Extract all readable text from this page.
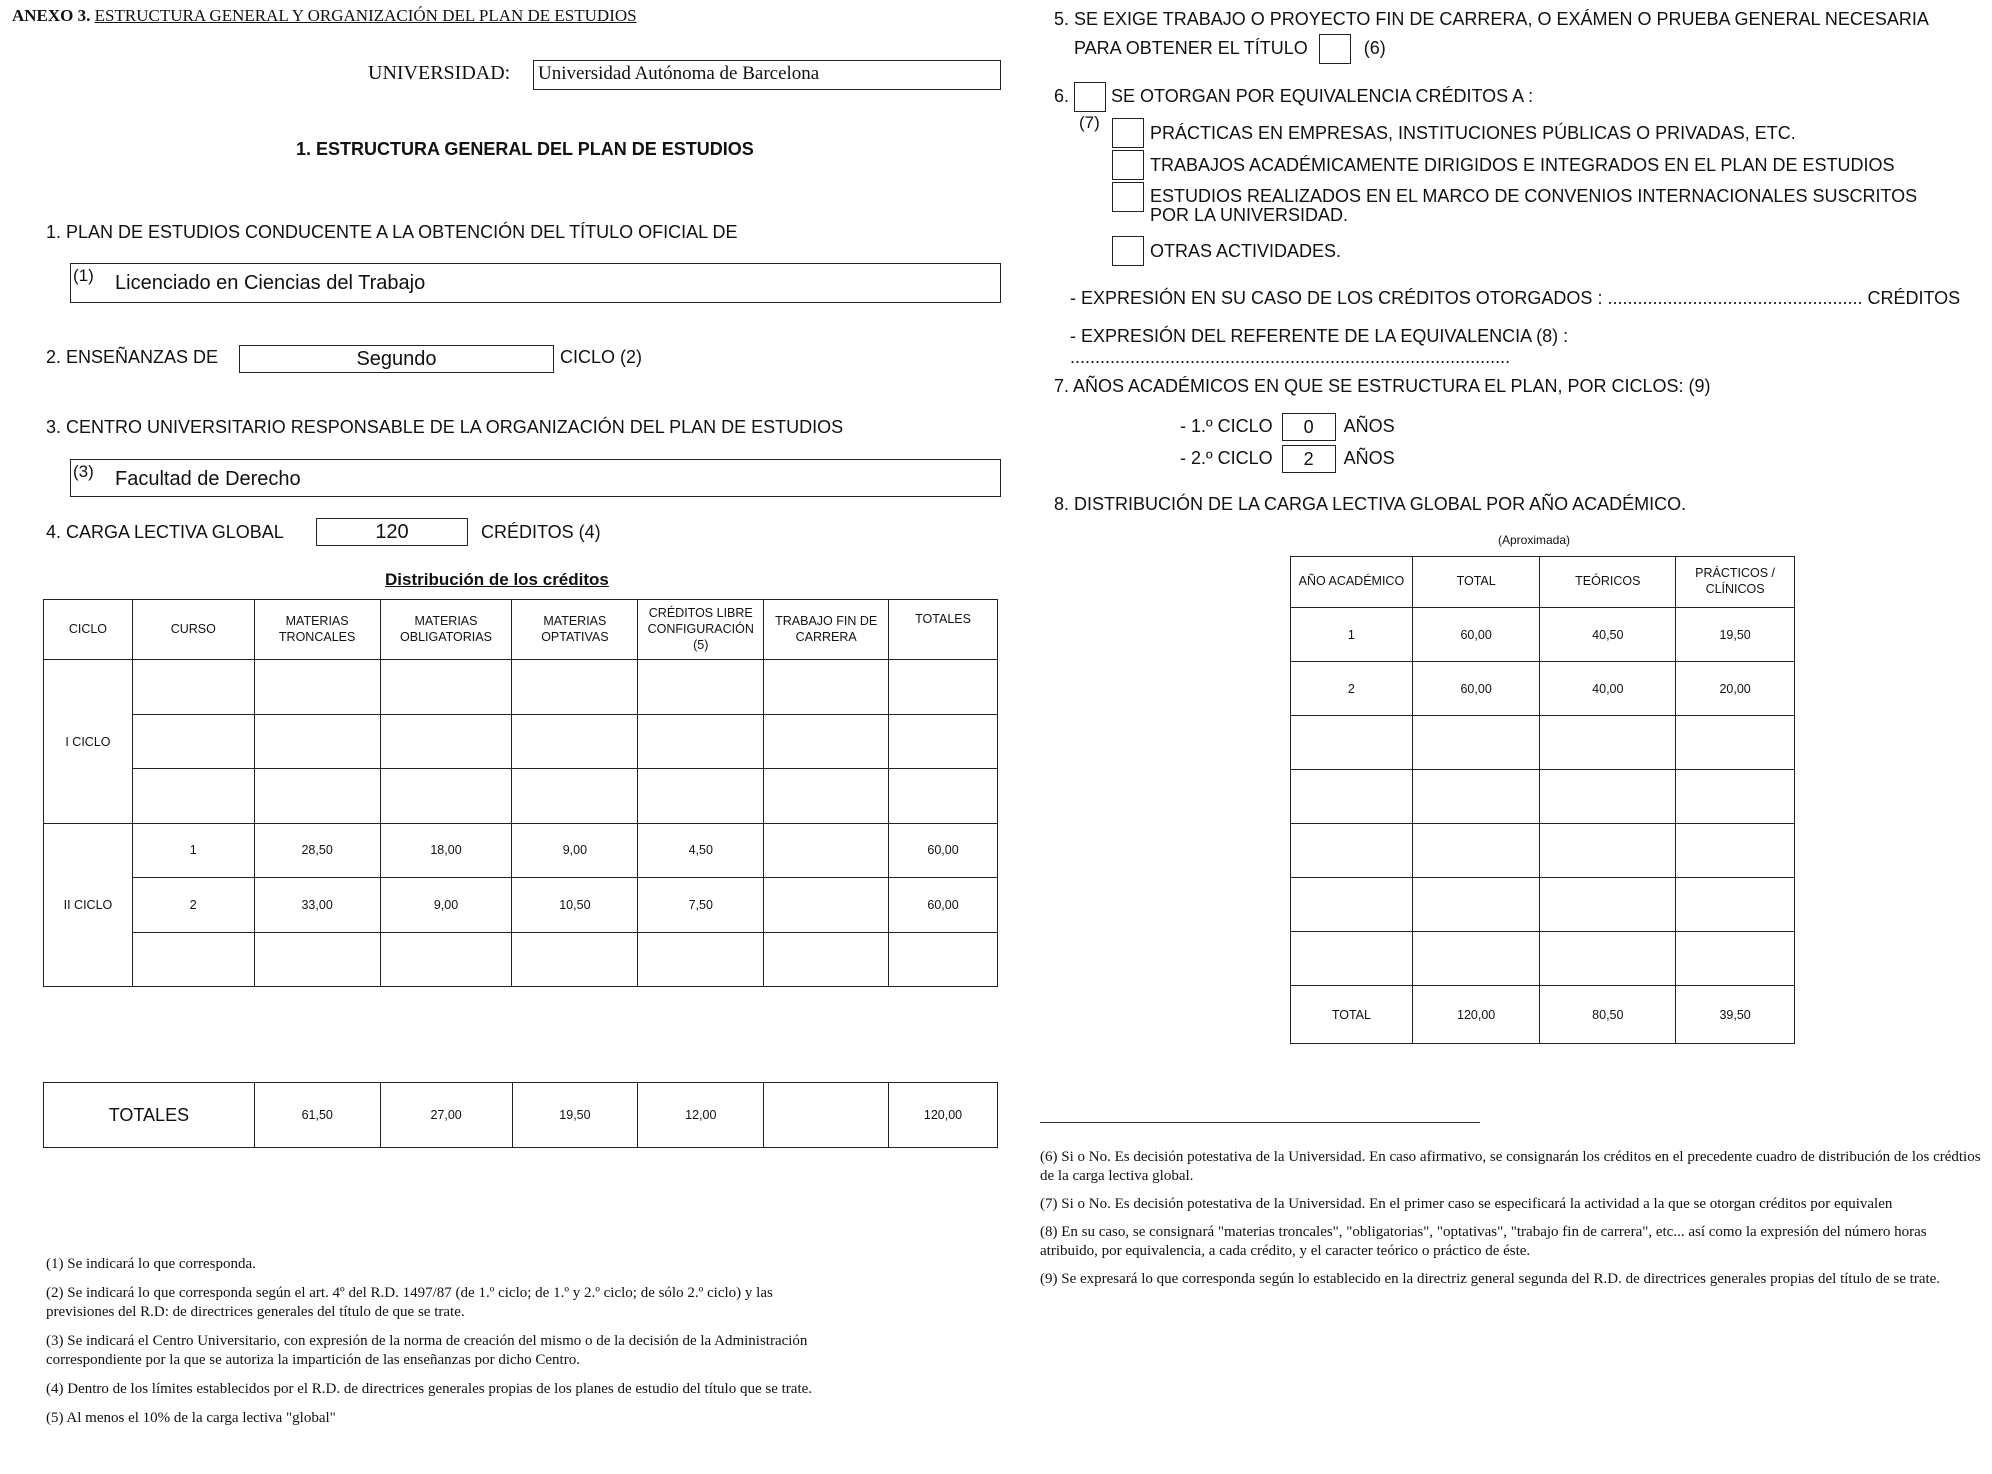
ANEXO 3. ESTRUCTURA GENERAL Y ORGANIZACIÓN DEL PLAN DE ESTUDIOS
UNIVERSIDAD: Universidad Autónoma de Barcelona
1. ESTRUCTURA GENERAL DEL PLAN DE ESTUDIOS
1. PLAN DE ESTUDIOS CONDUCENTE A LA OBTENCIÓN DEL TÍTULO OFICIAL DE
(1) Licenciado en Ciencias del Trabajo
2. ENSEÑANZAS DE	Segundo	CICLO (2)
3. CENTRO UNIVERSITARIO RESPONSABLE DE LA ORGANIZACIÓN DEL PLAN DE ESTUDIOS
(3) Facultad de Derecho
4. CARGA LECTIVA GLOBAL	120	CRÉDITOS (4)
Distribución de los créditos
CICLO	CURSO	MATERIAS TRONCALES	MATERIAS OBLIGATORIAS	MATERIAS OPTATIVAS	CRÉDITOS LIBRE CONFIGURACIÓN (5)	TRABAJO FIN DE CARRERA	TOTALES
I CICLO							

II CICLO	1	28,50	18,00	9,00	4,50		60,00
	2	33,00	9,00	10,50	7,50		60,00

TOTALES	61,50	27,00	19,50	12,00		120,00
(1) Se indicará lo que corresponda.
(2) Se indicará lo que corresponda según el art. 4º del R.D. 1497/87 (de 1.º ciclo; de 1.º y 2.º ciclo; de sólo 2.º ciclo) y las previsiones del R.D: de directrices generales del título de que se trate.
(3) Se indicará el Centro Universitario, con expresión de la norma de creación del mismo o de la decisión de la Administración correspondiente por la que se autoriza la impartición de las enseñanzas por dicho Centro.
(4) Dentro de los límites establecidos por el R.D. de directrices generales propias de los planes de estudio del título que se trate.
(5) Al menos el 10% de la carga lectiva "global"
5. SE EXIGE TRABAJO O PROYECTO FIN DE CARRERA, O EXÁMEN O PRUEBA GENERAL NECESARIA
PARA OBTENER EL TÍTULO	(6)
6. SE OTORGAN POR EQUIVALENCIA CRÉDITOS A :
(7)
PRÁCTICAS EN EMPRESAS, INSTITUCIONES PÚBLICAS O PRIVADAS, ETC.
TRABAJOS ACADÉMICAMENTE DIRIGIDOS E INTEGRADOS EN EL PLAN DE ESTUDIOS
ESTUDIOS REALIZADOS EN EL MARCO DE CONVENIOS INTERNACIONALES SUSCRITOS POR LA UNIVERSIDAD.
OTRAS ACTIVIDADES.
- EXPRESIÓN EN SU CASO DE LOS CRÉDITOS OTORGADOS : ................................................... CRÉDITOS
- EXPRESIÓN DEL REFERENTE DE LA EQUIVALENCIA (8) : ........................................................................................
7. AÑOS ACADÉMICOS EN QUE SE ESTRUCTURA EL PLAN, POR CICLOS: (9)
- 1.º CICLO 0 AÑOS
- 2.º CICLO 2 AÑOS
8. DISTRIBUCIÓN DE LA CARGA LECTIVA GLOBAL POR AÑO ACADÉMICO.
(Aproximada)
AÑO ACADÉMICO	TOTAL	TEÓRICOS	PRÁCTICOS / CLÍNICOS
1	60,00	40,50	19,50
2	60,00	40,00	20,00

TOTAL	120,00	80,50	39,50
(6) Si o No. Es decisión potestativa de la Universidad. En caso afirmativo, se consignarán los créditos en el precedente cuadro de distribución de los crédtios de la carga lectiva global.
(7) Si o No. Es decisión potestativa de la Universidad. En el primer caso se especificará la actividad a la que se otorgan créditos por equivalen
(8) En su caso, se consignará "materias troncales", "obligatorias", "optativas", "trabajo fin de carrera", etc... así como la expresión del número horas atribuido, por equivalencia, a cada crédito, y el caracter teórico o práctico de éste.
(9) Se expresará lo que corresponda según lo establecido en la directriz general segunda del R.D. de directrices generales propias del título de se trate.
